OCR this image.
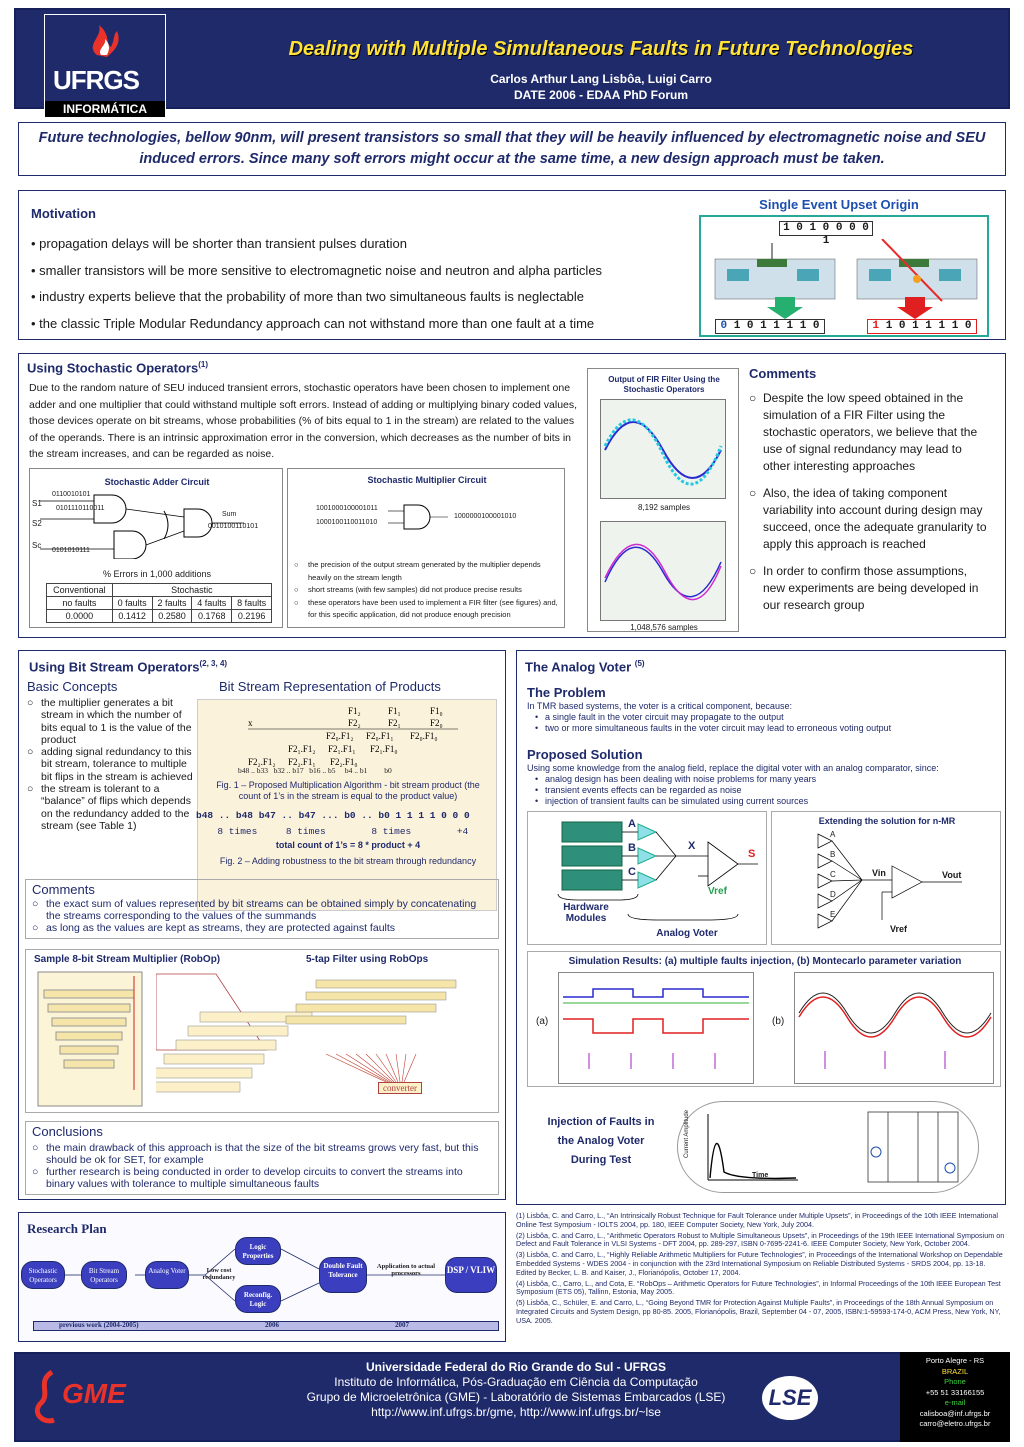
UFRGS
INFORMÁTICA
Dealing with Multiple Simultaneous Faults in Future Technologies
Carlos Arthur Lang Lisbôa, Luigi Carro
DATE 2006 - EDAA PhD Forum
Future technologies, bellow 90nm, will present transistors so small that they will be heavily influenced by electromagnetic noise and SEU induced errors. Since many soft errors might occur at the same time, a new design approach must be taken.
Motivation
• propagation delays will be shorter than transient pulses duration
• smaller transistors will be more sensitive to electromagnetic noise and neutron and alpha particles
• industry experts believe that the probability of more than two simultaneous faults is neglectable
• the classic Triple Modular Redundancy approach can not withstand more than one fault at a time
Single Event Upset Origin
1 0 1 0 0 0 0 1
0 1 0 1 1 1 1 0	1 1 0 1 1 1 1 0
Using Stochastic Operators$^{(1)}$
Due to the random nature of SEU induced transient errors, stochastic operators have been chosen to implement one adder and one multiplier that could withstand multiple soft errors. Instead of adding or multiplying binary coded values, those devices operate on bit streams, whose probabilities (% of bits equal to 1 in the stream) are related to the values of the operands. There is an intrinsic approximation error in the conversion, which decreases as the number of bits in the stream increases, and can be regarded as noise.
Stochastic Adder Circuit
S1
S2
Sc
0110010101
0101110110011
0101010111
Sum
0010100110101
% Errors in 1,000 additions
Conventional	Stochastic			
no faults	0 faults	2 faults	4 faults	8 faults
0.0000	0.1412	0.2580	0.1768	0.2196
Stochastic Multiplier Circuit
1001000100001011
1000100110011010
1000000100001010
○ the precision of the output stream generated by the multiplier depends heavily on the stream length
○ short streams (with few samples) did not produce precise results
○ these operators have been used to implement a FIR filter (see figures) and, for this specific application, did not produce enough precision
Output of FIR Filter Using the Stochastic Operators
8,192 samples
1,048,576 samples
Comments
○ Despite the low speed obtained in the simulation of a FIR Filter using the stochastic operators, we believe that the use of signal redundancy may lead to other interesting approaches
○ Also, the idea of taking component variability into account during design may succeed, once the adequate granularity to apply this approach is reached
○ In order to confirm those assumptions, new experiments are being developed in our research group
Using Bit Stream Operators$^{(2, 3, 4)}$
Basic Concepts
○ the multiplier generates a bit stream in which the number of bits equal to 1 is the value of the product
○ adding signal redundancy to this bit stream, tolerance to multiple bit flips in the stream is achieved
○ the stream is tolerant to a “balance” of flips which depends on the redundancy added to the stream (see Table 1)
Bit Stream Representation of Products
F1₂	F1₁	F1₀
x	F2₂	F2₁	F2₀
F2₀.F1₂ F2₀.F1₁ F2₀.F1₀
F2₁.F1₂ F2₁.F1₁ F2₁.F1₀
F2₂.F1₂ F2₂.F1₁ F2₂.F1₀
b48 .. b33   b32 .. b17   b16 .. b5     b4 .. b1         b0
Fig. 1 – Proposed Multiplication Algorithm - bit stream product (the count of 1’s in the stream is equal to the product value)
b48 .. b48 b47 .. b47 ... b0 .. b0 1 1 1 1 0 0 0
8 times     8 times        8 times        +4
total count of 1’s = 8 * product + 4
Fig. 2 – Adding robustness to the bit stream through redundancy
Comments
○ the exact sum of values represented by bit streams can be obtained simply by concatenating the streams corresponding to the values of the summands
○ as long as the values are kept as streams, they are protected against faults
Sample 8-bit Stream Multiplier (RobOp)	5-tap Filter using RobOps
converter
Conclusions
○ the main drawback of this approach is that the size of the bit streams grows very fast, but this should be ok for SET, for example
○ further research is being conducted in order to develop circuits to convert the streams into binary values with tolerance to multiple simultaneous faults
The Analog Voter $^{(5)}$
The Problem
In TMR based systems, the voter is a critical component, because:
• a single fault in the voter circuit may propagate to the output
• two or more simultaneous faults in the voter circuit may lead to erroneous voting output
Proposed Solution
Using some knowledge from the analog field, replace the digital voter with an analog comparator, since:
• analog design has been dealing with noise problems for many years
• transient events effects can be regarded as noise
• injection of transient faults can be simulated using current sources
A
B
C
X
S
Vref
Hardware Modules
Analog Voter
Extending the solution for n-MR
A
B
C
D
E
Vin	Vout
Vref
Simulation Results: (a) multiple faults injection, (b) Montecarlo parameter variation
(a)	(b)
Injection of Faults in the Analog Voter During Test
Time
Current Amplitude
Research Plan
Stochastic Operators
Bit Stream Operators
Analog Voter	Low cost redundancy
Logic Properties
Reconfig. Logic
Double Fault Tolerance
Application to actual processors	DSP / VLIW
previous work (2004-2005)	2006	2007
(1) Lisbôa, C. and Carro, L., “An Intrinsically Robust Technique for Fault Tolerance under Multiple Upsets”, in Proceedings of the 10th IEEE International Online Test Symposium - IOLTS 2004, pp. 180, IEEE Computer Society, New York, July 2004.
(2) Lisbôa, C. and Carro, L., “Arithmetic Operators Robust to Multiple Simultaneous Upsets”, in Proceedings of the 19th IEEE International Symposium on Defect and Fault Tolerance in VLSI Systems - DFT 2004, pp. 289-297, ISBN 0-7695-2241-6. IEEE Computer Society, New York, October 2004.
(3) Lisbôa, C. and Carro, L., “Highly Reliable Arithmetic Multipliers for Future Technologies”, in Proceedings of the International Workshop on Dependable Embedded Systems - WDES 2004 - in conjunction with the 23rd International Symposium on Reliable Distributed Systems - SRDS 2004, pp. 13-18. Edited by Becker, L. B. and Kaiser, J., Florianópolis, October 17, 2004.
(4) Lisbôa, C., Carro, L., and Cota, E. “RobOps – Arithmetic Operators for Future Technologies”, in Informal Proceedings of the 10th IEEE European Test Symposium (ETS 05), Tallinn, Estonia, May 2005.
(5) Lisbôa, C., Schüler, E. and Carro, L., “Going Beyond TMR for Protection Against Multiple Faults”, in Proceedings of the 18th Annual Symposium on Integrated Circuits and System Design, pp 80-85. 2005, Florianópolis, Brazil, September 04 - 07, 2005, ISBN:1-59593-174-0, ACM Press, New York, NY, USA. 2005.
GME
Universidade Federal do Rio Grande do Sul - UFRGS
Instituto de Informática, Pós-Graduação em Ciência da Computação
Grupo de Microeletrônica (GME) - Laboratório de Sistemas Embarcados (LSE)
http://www.inf.ufrgs.br/gme, http://www.inf.ufrgs.br/~lse
LSE
Porto Alegre - RS
BRAZIL
Phone
+55 51 33166155
e-mail
calisboa@inf.ufrgs.br
carro@eletro.ufrgs.br
